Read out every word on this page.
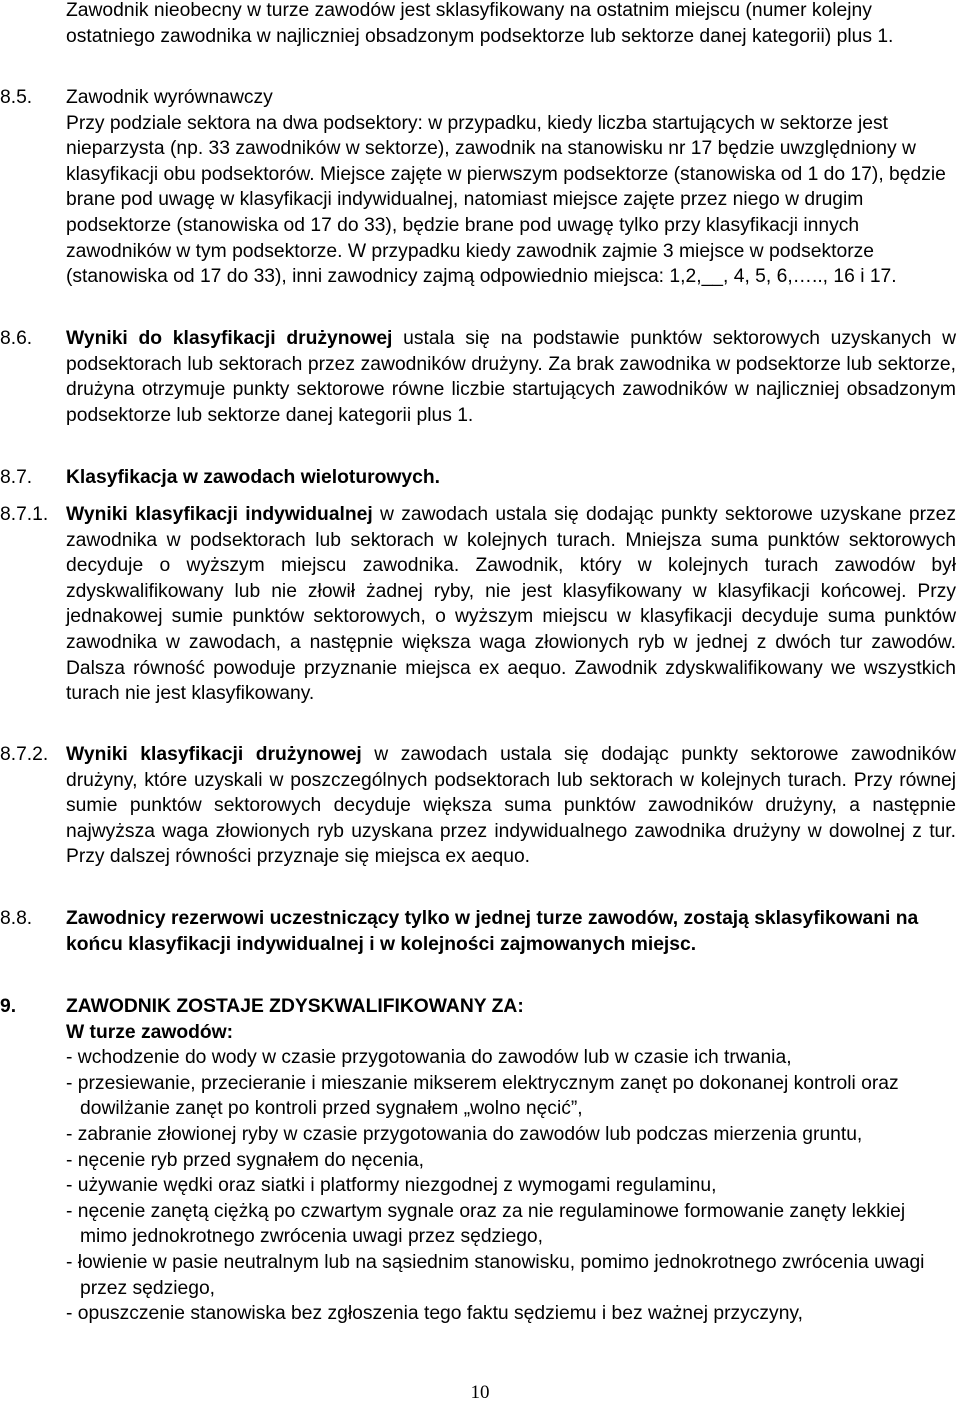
Zawodnik nieobecny w turze zawodów jest sklasyfikowany na ostatnim miejscu (numer kolejny ostatniego zawodnika w najliczniej obsadzonym podsektorze lub sektorze danej kategorii) plus 1.
8.5. Zawodnik wyrównawczy

Przy podziale sektora na dwa podsektory: w przypadku, kiedy liczba startujących w sektorze jest nieparzysta (np. 33 zawodników w sektorze), zawodnik na stanowisku nr 17 będzie uwzględniony w klasyfikacji obu podsektorów. Miejsce zajęte w pierwszym podsektorze (stanowiska od 1 do 17), będzie brane pod uwagę w klasyfikacji indywidualnej, natomiast miejsce zajęte przez niego w drugim podsektorze (stanowiska od 17 do 33), będzie brane pod uwagę tylko przy klasyfikacji innych zawodników w tym podsektorze. W przypadku kiedy zawodnik zajmie 3 miejsce w podsektorze (stanowiska od 17 do 33), inni zawodnicy zajmą odpowiednio miejsca: 1,2,__, 4, 5, 6,….., 16 i 17.

8.6. Wyniki do klasyfikacji drużynowej ustala się na podstawie punktów sektorowych uzyskanych w podsektorach lub sektorach przez zawodników drużyny. Za brak zawodnika w podsektorze lub sektorze, drużyna otrzymuje punkty sektorowe równe liczbie startujących zawodników w najliczniej obsadzonym podsektorze lub sektorze danej kategorii plus 1.
8.7. Klasyfikacja w zawodach wieloturowych.
8.7.1. Wyniki klasyfikacji indywidualnej w zawodach ustala się dodając punkty sektorowe uzyskane przez zawodnika w podsektorach lub sektorach w kolejnych turach. Mniejsza suma punktów sektorowych decyduje o wyższym miejscu zawodnika. Zawodnik, który w kolejnych turach zawodów był zdyskwalifikowany lub nie złowił żadnej ryby, nie jest klasyfikowany w klasyfikacji końcowej. Przy jednakowej sumie punktów sektorowych, o wyższym miejscu w klasyfikacji decyduje suma punktów zawodnika w zawodach, a następnie większa waga złowionych ryb w jednej z dwóch tur zawodów. Dalsza równość powoduje przyznanie miejsca ex aequo. Zawodnik zdyskwalifikowany we wszystkich turach nie jest klasyfikowany.
8.7.2. Wyniki klasyfikacji drużynowej w zawodach ustala się dodając punkty sektorowe zawodników drużyny, które uzyskali w poszczególnych podsektorach lub sektorach w kolejnych turach. Przy równej sumie punktów sektorowych decyduje większa suma punktów zawodników drużyny, a następnie najwyższa waga złowionych ryb uzyskana przez indywidualnego zawodnika drużyny w dowolnej z tur. Przy dalszej równości przyznaje się miejsca ex aequo.
8.8. Zawodnicy rezerwowi uczestniczący tylko w jednej turze zawodów, zostają sklasyfikowani na końcu klasyfikacji indywidualnej i w kolejności zajmowanych miejsc.
9.	ZAWODNIK ZOSTAJE ZDYSKWALIFIKOWANY ZA:

W turze zawodów:

- wchodzenie do wody w czasie przygotowania do zawodów lub w czasie ich trwania,

- przesiewanie, przecieranie i mieszanie mikserem elektrycznym zanęt po dokonanej kontroli oraz dowilżanie zanęt po kontroli przed sygnałem „wolno nęcić”,

- zabranie złowionej ryby w czasie przygotowania do zawodów lub podczas mierzenia gruntu,

- nęcenie ryb przed sygnałem do nęcenia,

- używanie wędki oraz siatki i platformy niezgodnej z wymogami regulaminu,

- nęcenie zanętą ciężką po czwartym sygnale oraz za nie regulaminowe formowanie zanęty lekkiej mimo jednokrotnego zwrócenia uwagi przez sędziego,

- łowienie w pasie neutralnym lub na sąsiednim stanowisku, pomimo jednokrotnego zwrócenia uwagi przez sędziego,

- opuszczenie stanowiska bez zgłoszenia tego faktu sędziemu i bez ważnej przyczyny,

10
